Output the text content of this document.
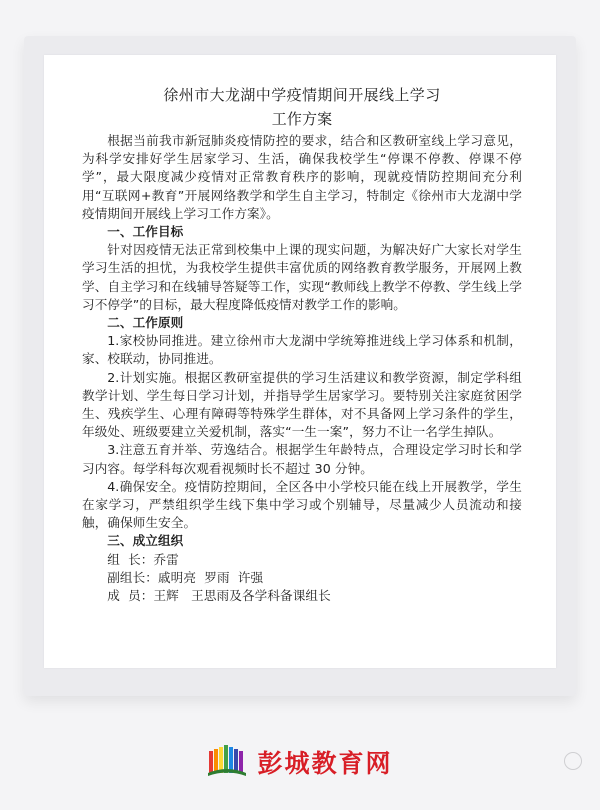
徐州市大龙湖中学疫情期间开展线上学习

工作方案

根据当前我市新冠肺炎疫情防控的要求，结合和区教研室线上学习意见，为科学安排好学生居家学习、生活，确保我校学生“停课不停教、停课不停学”，最大限度减少疫情对正常教育秩序的影响，现就疫情防控期间充分利用“互联网+教育”开展网络教学和学生自主学习，特制定《徐州市大龙湖中学疫情期间开展线上学习工作方案》。

一、工作目标

针对因疫情无法正常到校集中上课的现实问题，为解决好广大家长对学生学习生活的担忧，为我校学生提供丰富优质的网络教育教学服务，开展网上教学、自主学习和在线辅导答疑等工作，实现“教师线上教学不停教、学生线上学习不停学”的目标，最大程度降低疫情对教学工作的影响。

二、工作原则

1.家校协同推进。建立徐州市大龙湖中学统筹推进线上学习体系和机制，家、校联动，协同推进。

2.计划实施。根据区教研室提供的学习生活建议和教学资源，制定学科组教学计划、学生每日学习计划，并指导学生居家学习。要特别关注家庭贫困学生、残疾学生、心理有障碍等特殊学生群体，对不具备网上学习条件的学生，年级处、班级要建立关爱机制，落实“一生一案”，努力不让一名学生掉队。

3.注意五育并举、劳逸结合。根据学生年龄特点，合理设定学习时长和学习内容。每学科每次观看视频时长不超过 30 分钟。

4.确保安全。疫情防控期间，全区各中小学校只能在线上开展教学，学生在家学习，严禁组织学生线下集中学习或个别辅导，尽量减少人员流动和接触，确保师生安全。

三、成立组织

组  长：乔雷

副组长：戚明亮  罗雨  许强

成  员：王辉   王思雨及各学科备课组长

彭城教育网
